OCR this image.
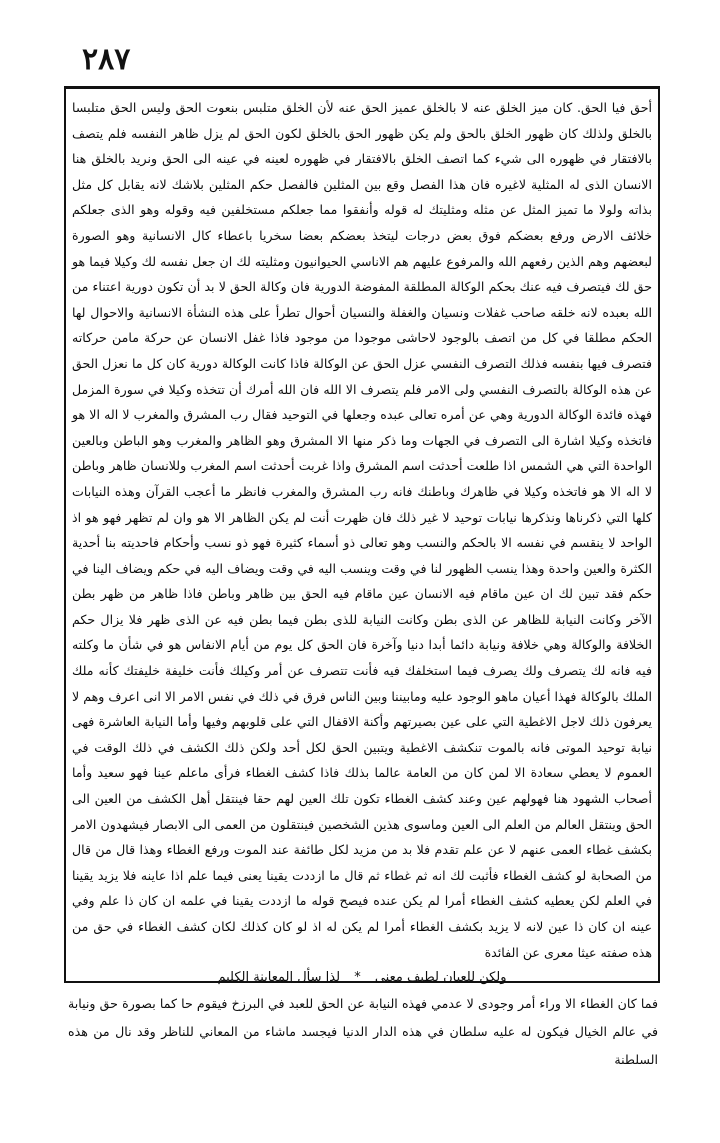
٢٨٧

أحق فيا الحق. كان ميز الخلق عنه لا بالخلق عميز الحق عنه لأن الخلق متلبس بنعوت الحق وليس الحق متلبسا بالخلق ولذلك كان ظهور الخلق بالحق ولم يكن ظهور الحق بالخلق لكون الحق لم يزل ظاهر النفسه فلم يتصف بالافتقار في ظهوره الى شيء كما اتصف الخلق بالافتقار في ظهوره لعينه في عينه الى الحق ونريد بالخلق هنا الانسان الذى له المثلية لاغيره فان هذا الفصل وقع بين المثلين فالفصل حكم المثلين بلاشك لانه يقابل كل مثل بذاته ولولا ما تميز المثل عن مثله ومثليتك له قوله وأنفقوا مما جعلكم مستخلفين فيه وقوله وهو الذى جعلكم خلائف الارض ورفع بعضكم فوق بعض درجات ليتخذ بعضكم بعضا سخريا باعطاء كال الانسانية وهو الصورة لبعضهم وهم الذين رفعهم الله والمرفوع عليهم هم الاناسي الحيوانيون ومثليته لك ان جعل نفسه لك وكيلا فيما هو حق لك فيتصرف فيه عنك بحكم الوكالة المطلقة المفوضة الدورية فان وكالة الحق لا بد أن تكون دورية اعتناء من الله بعبده لانه خلقه صاحب غفلات ونسيان والغفلة والنسيان أحوال تطرأ على هذه النشأة الانسانية والاحوال لها الحكم مطلقا في كل من اتصف بالوجود لاحاشى موجودا من موجود فاذا غفل الانسان عن حركة مامن حركاته فتصرف فيها بنفسه فذلك التصرف النفسي عزل الحق عن الوكالة فاذا كانت الوكالة دورية كان كل ما نعزل الحق عن هذه الوكالة بالتصرف النفسي ولى الامر فلم يتصرف الا الله فان الله أمرك أن تتخذه وكيلا في سورة المزمل فهذه فائدة الوكالة الدورية وهي عن أمره تعالى عبده وجعلها في التوحيد فقال رب المشرق والمغرب لا اله الا هو فاتخذه وكيلا اشارة الى التصرف في الجهات وما ذكر منها الا المشرق وهو الظاهر والمغرب وهو الباطن وبالعين الواحدة التي هي الشمس اذا طلعت أحدثت اسم المشرق واذا غربت أحدثت اسم المغرب وللانسان ظاهر وباطن لا اله الا هو فاتخذه وكيلا في ظاهرك وباطنك فانه رب المشرق والمغرب فانظر ما أعجب القرآن وهذه النيابات كلها التي ذكرناها ونذكرها نيابات توحيد لا غير ذلك فان ظهرت أنت لم يكن الظاهر الا هو وان لم تظهر فهو هو اذ الواحد لا ينقسم في نفسه الا بالحكم والنسب وهو تعالى ذو أسماء كثيرة فهو ذو نسب وأحكام فاحديته بنا أحدية الكثرة والعين واحدة وهذا ينسب الظهور لنا في وقت وينسب اليه في وقت ويضاف اليه في حكم ويضاف الينا في حكم فقد تبين لك ان عين ماقام فيه الانسان عين ماقام فيه الحق بين ظاهر وباطن فاذا ظاهر من ظهر بطن الآخر وكانت النيابة للظاهر عن الذى بطن وكانت النيابة للذى بطن فيما بطن فيه عن الذى ظهر فلا يزال حكم الخلافة والوكالة وهي خلافة ونيابة دائما أبدا دنيا وآخرة فان الحق كل يوم من أيام الانفاس هو في شأن ما وكلته فيه فانه لك يتصرف ولك يصرف فيما استخلفك فيه فأنت تتصرف عن أمر وكيلك فأنت خليفة خليفتك كأنه ملك الملك بالوكالة فهذا أعيان ماهو الوجود عليه ومابيننا وبين الناس فرق في ذلك في نفس الامر الا انى اعرف وهم لا يعرفون ذلك لاجل الاغطية التي على عين بصيرتهم وأكنة الاقفال التي على قلوبهم وفيها وأما النيابة العاشرة فهى نيابة توحيد الموتى فانه بالموت تنكشف الاغطية ويتبين الحق لكل أحد ولكن ذلك الكشف في ذلك الوقت في العموم لا يعطي سعادة الا لمن كان من العامة عالما بذلك فاذا كشف الغطاء فرأى ماعلم عينا فهو سعيد وأما أصحاب الشهود هنا فهولهم عين وعند كشف الغطاء تكون تلك العين لهم حقا فينتقل أهل الكشف من العين الى الحق وينتقل العالم من العلم الى العين وماسوى هذين الشخصين فينتقلون من العمى الى الابصار فيشهدون الامر بكشف غطاء العمى عنهم لا عن علم تقدم فلا بد من مزيد لكل طائفة عند الموت ورفع الغطاء وهذا قال من قال من الصحابة لو كشف الغطاء فأثبت لك انه ثم غطاء ثم قال ما ازددت يقينا يعنى فيما علم اذا عاينه فلا يزيد يقينا في العلم لكن يعطيه كشف الغطاء أمرا لم يكن عنده فيصح قوله ما ازددت يقينا في علمه ان كان ذا علم وفي عينه ان كان ذا عين لانه لا يزيد بكشف الغطاء أمرا لم يكن له اذ لو كان كذلك لكان كشف الغطاء في حق من هذه صفته عيثا معرى عن الفائدة

ولكن للعيان لطيف معنى * لذا سأل المعاينة الكليم
فما كان الغطاء الا وراء أمر وجودى لا عدمي فهذه النيابة عن الحق للعبد في البرزخ فيقوم حا كما بصورة حق ونيابة في عالم الخيال فيكون له عليه سلطان في هذه الدار الدنيا فيجسد ماشاء من المعاني للناظر وقد نال من هذه السلطنة
